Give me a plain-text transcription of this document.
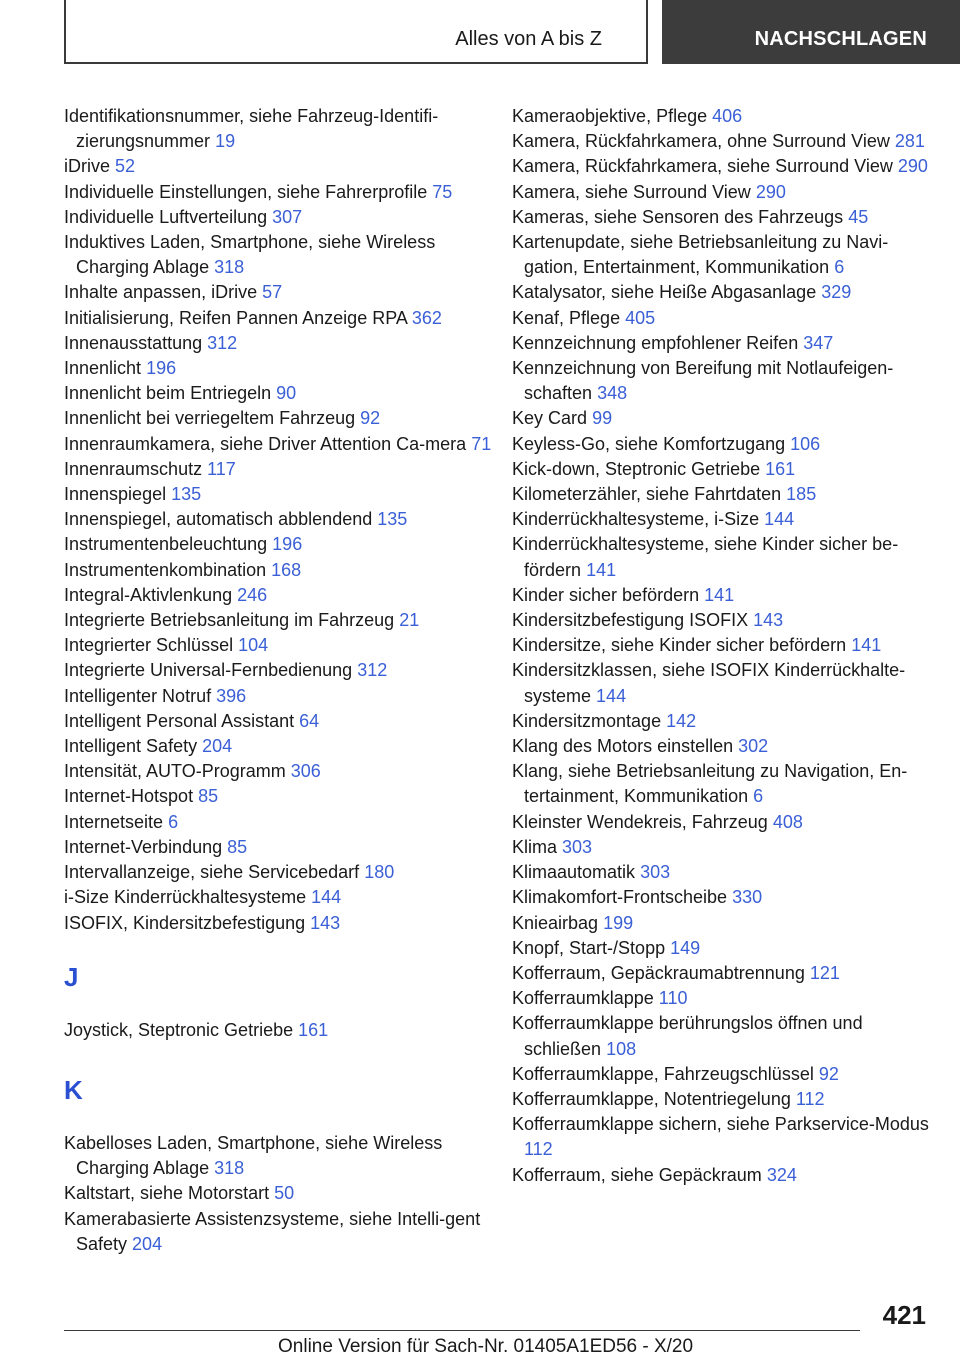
Alles von A bis Z	NACHSCHLAGEN
Identifikationsnummer, siehe Fahrzeug-Identifi‐zierungsnummer 19
iDrive 52
Individuelle Einstellungen, siehe Fahrerprofile 75
Individuelle Luftverteilung 307
Induktives Laden, Smartphone, siehe Wireless Charging Ablage 318
Inhalte anpassen, iDrive 57
Initialisierung, Reifen Pannen Anzeige RPA 362
Innenausstattung 312
Innenlicht 196
Innenlicht beim Entriegeln 90
Innenlicht bei verriegeltem Fahrzeug 92
Innenraumkamera, siehe Driver Attention Ca‐mera 71
Innenraumschutz 117
Innenspiegel 135
Innenspiegel, automatisch abblendend 135
Instrumentenbeleuchtung 196
Instrumentenkombination 168
Integral-Aktivlenkung 246
Integrierte Betriebsanleitung im Fahrzeug 21
Integrierter Schlüssel 104
Integrierte Universal-Fernbedienung 312
Intelligenter Notruf 396
Intelligent Personal Assistant 64
Intelligent Safety 204
Intensität, AUTO-Programm 306
Internet-Hotspot 85
Internetseite 6
Internet-Verbindung 85
Intervallanzeige, siehe Servicebedarf 180
i-Size Kinderrückhaltesysteme 144
ISOFIX, Kindersitzbefestigung 143
J
Joystick, Steptronic Getriebe 161
K
Kabelloses Laden, Smartphone, siehe Wireless Charging Ablage 318
Kaltstart, siehe Motorstart 50
Kamerabasierte Assistenzsysteme, siehe Intelli‐gent Safety 204
Kameraobjektive, Pflege 406
Kamera, Rückfahrkamera, ohne Surround View 281
Kamera, Rückfahrkamera, siehe Surround View 290
Kamera, siehe Surround View 290
Kameras, siehe Sensoren des Fahrzeugs 45
Kartenupdate, siehe Betriebsanleitung zu Navi‐gation, Entertainment, Kommunikation 6
Katalysator, siehe Heiße Abgasanlage 329
Kenaf, Pflege 405
Kennzeichnung empfohlener Reifen 347
Kennzeichnung von Bereifung mit Notlaufeigen‐schaften 348
Key Card 99
Keyless-Go, siehe Komfortzugang 106
Kick-down, Steptronic Getriebe 161
Kilometerzähler, siehe Fahrtdaten 185
Kinderrückhaltesysteme, i-Size 144
Kinderrückhaltesysteme, siehe Kinder sicher be‐fördern 141
Kinder sicher befördern 141
Kindersitzbefestigung ISOFIX 143
Kindersitze, siehe Kinder sicher befördern 141
Kindersitzklassen, siehe ISOFIX Kinderrückhalte‐systeme 144
Kindersitzmontage 142
Klang des Motors einstellen 302
Klang, siehe Betriebsanleitung zu Navigation, En‐tertainment, Kommunikation 6
Kleinster Wendekreis, Fahrzeug 408
Klima 303
Klimaautomatik 303
Klimakomfort-Frontscheibe 330
Knieairbag 199
Knopf, Start-/Stopp 149
Kofferraum, Gepäckraumabtrennung 121
Kofferraumklappe 110
Kofferraumklappe berührungslos öffnen und schließen 108
Kofferraumklappe, Fahrzeugschlüssel 92
Kofferraumklappe, Notentriegelung 112
Kofferraumklappe sichern, siehe Parkservice-Modus 112
Kofferraum, siehe Gepäckraum 324
421
Online Version für Sach-Nr. 01405A1ED56 - X/20
